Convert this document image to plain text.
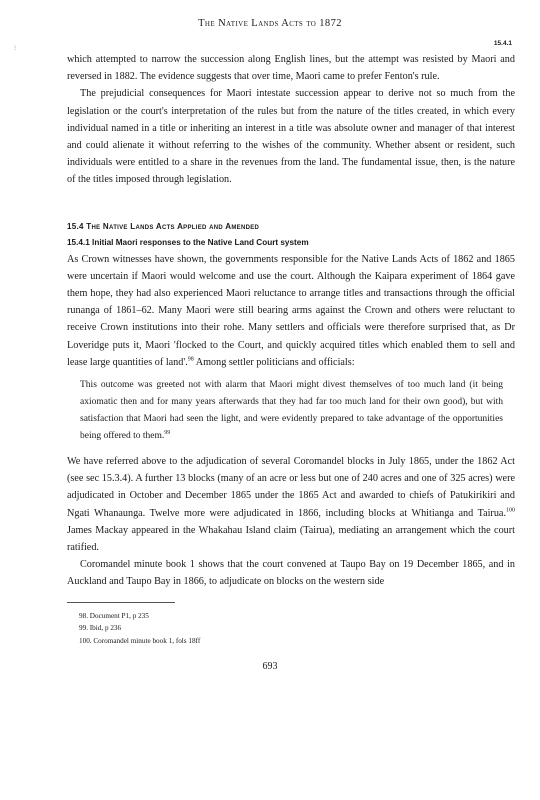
⁝
The Native Lands Acts to 1872
15.4.1

which attempted to narrow the succession along English lines, but the attempt was resisted by Maori and reversed in 1882. The evidence suggests that over time, Maori came to prefer Fenton's rule.

The prejudicial consequences for Maori intestate succession appear to derive not so much from the legislation or the court's interpretation of the rules but from the nature of the titles created, in which every individual named in a title or inheriting an interest in a title was absolute owner and manager of that interest and could alienate it without referring to the wishes of the community. Whether absent or resident, such individuals were entitled to a share in the revenues from the land. The fundamental issue, then, is the nature of the titles imposed through legislation.

15.4 The Native Lands Acts Applied and Amended

15.4.1 Initial Maori responses to the Native Land Court system

As Crown witnesses have shown, the governments responsible for the Native Lands Acts of 1862 and 1865 were uncertain if Maori would welcome and use the court. Although the Kaipara experiment of 1864 gave them hope, they had also experienced Maori reluctance to arrange titles and transactions through the official runanga of 1861–62. Many Maori were still bearing arms against the Crown and others were reluctant to receive Crown institutions into their rohe. Many settlers and officials were therefore surprised that, as Dr Loveridge puts it, Maori 'flocked to the Court, and quickly acquired titles which enabled them to sell and lease large quantities of land'.$^{98}$ Among settler politicians and officials:

This outcome was greeted not with alarm that Maori might divest themselves of too much land (it being axiomatic then and for many years afterwards that they had far too much land for their own good), but with satisfaction that Maori had seen the light, and were evidently prepared to take advantage of the opportunities being offered to them.$^{99}$

We have referred above to the adjudication of several Coromandel blocks in July 1865, under the 1862 Act (see sec 15.3.4). A further 13 blocks (many of an acre or less but one of 240 acres and one of 325 acres) were adjudicated in October and December 1865 under the 1865 Act and awarded to chiefs of Patukirikiri and Ngati Whanaunga. Twelve more were adjudicated in 1866, including blocks at Whitianga and Tairua.$^{100}$ James Mackay appeared in the Whakahau Island claim (Tairua), mediating an arrangement which the court ratified.

Coromandel minute book 1 shows that the court convened at Taupo Bay on 19 December 1865, and in Auckland and Taupo Bay in 1866, to adjudicate on blocks on the western side

98. Document P1, p 235
99. Ibid, p 236
100. Coromandel minute book 1, fols 18ff
693
